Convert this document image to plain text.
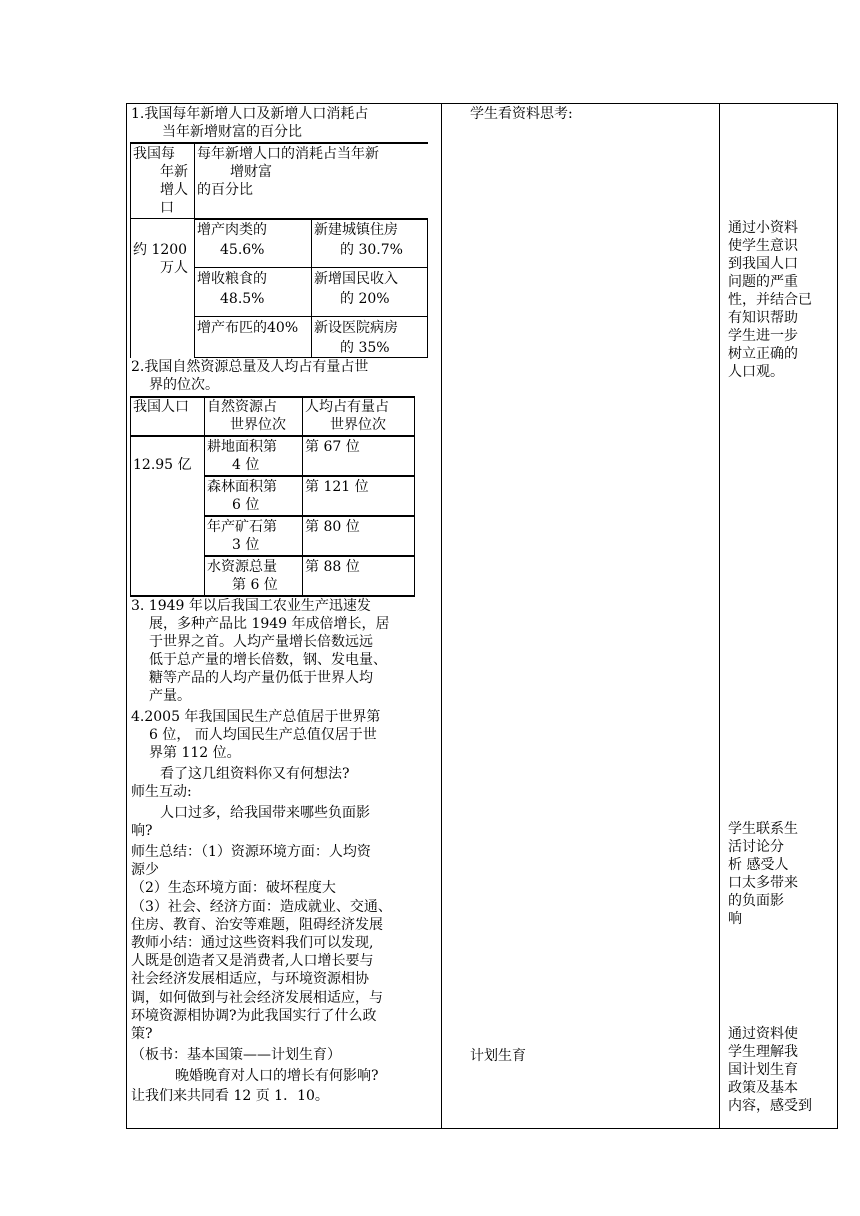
1.我国每年新增人口及新增人口消耗占
当年新增财富的百分比
我国每
年新
增人
口
每年新增人口的消耗占当年新
增财富
的百分比
约 1200
万人
增产肉类的
45.6%
新建城镇住房
的 30.7%
增收粮食的
48.5%
新增国民收入
的 20%
增产布匹的40% 新设医院病房
的 35%
2.我国自然资源总量及人均占有量占世
界的位次。
我国人口 自然资源占
世界位次
人均占有量占
世界位次
12.95 亿
耕地面积第
4 位
第 67 位
森林面积第
6 位
第 121 位
年产矿石第
3 位
第 80 位
水资源总量
第 6 位
第 88 位
3. 1949 年以后我国工农业生产迅速发
展，多种产品比 1949 年成倍增长，居
于世界之首。人均产量增长倍数远远
低于总产量的增长倍数，钢、发电量、
糖等产品的人均产量仍低于世界人均
产量。
4.2005 年我国国民生产总值居于世界第
6 位， 而人均国民生产总值仅居于世
界第 112 位。
看了这几组资料你又有何想法?
师生互动:
人口过多，给我国带来哪些负面影
响?
师生总结：（1）资源环境方面：人均资
源少
（2）生态环境方面：破坏程度大
（3）社会、经济方面：造成就业、交通、
住房、教育、治安等难题，阻碍经济发展
教师小结：通过这些资料我们可以发现,
人既是创造者又是消费者,人口增长要与
社会经济发展相适应，与环境资源相协
调，如何做到与社会经济发展相适应，与
环境资源相协调?为此我国实行了什么政
策?
（板书：基本国策——计划生育）
晚婚晚育对人口的增长有何影响?
让我们来共同看 12 页 1．10。
学生看资料思考:
计划生育
通过小资料
使学生意识
到我国人口
问题的严重
性，并结合已
有知识帮助
学生进一步
树立正确的
人口观。
学生联系生
活讨论分
析 感受人
口太多带来
的负面影
响
通过资料使
学生理解我
国计划生育
政策及基本
内容，感受到
